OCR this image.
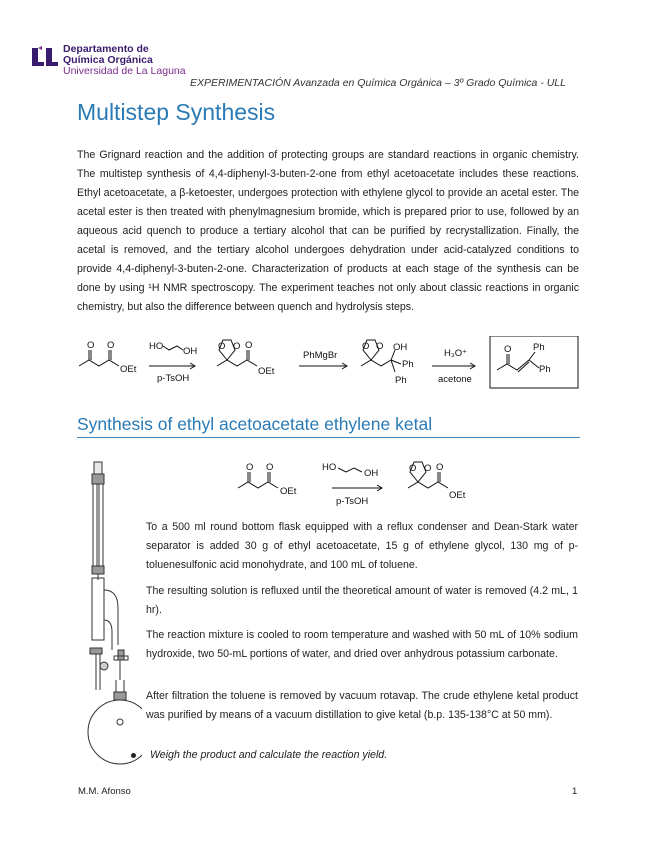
Departamento de
Química Orgánica
Universidad de La Laguna
EXPERIMENTACIÓN Avanzada en Química Orgánica – 3º Grado Química - ULL
Multistep Synthesis
The Grignard reaction and the addition of protecting groups are standard reactions in organic chemistry. The multistep synthesis of 4,4-diphenyl-3-buten-2-one from ethyl acetoacetate includes these reactions. Ethyl acetoacetate, a β-ketoester, undergoes protection with ethylene glycol to provide an acetal ester. The acetal ester is then treated with phenylmagnesium bromide, which is prepared prior to use, followed by an aqueous acid quench to produce a tertiary alcohol that can be purified by recrystallization. Finally, the acetal is removed, and the tertiary alcohol undergoes dehydration under acid-catalyzed conditions to provide 4,4-diphenyl-3-buten-2-one. Characterization of products at each stage of the synthesis can be done by using ¹H NMR spectroscopy. The experiment teaches not only about classic reactions in organic chemistry, but also the difference between quench and hydrolysis steps.
O O
OEt
HO OH
p-TsOH
O O O
OEt
PhMgBr
O O OH
Ph
Ph
H₃O⁺
acetone
O Ph
Ph
Synthesis of ethyl acetoacetate ethylene ketal
O O
OEt
HO
OH
p-TsOH
O O O
OEt
To a 500 ml round bottom flask equipped with a reflux condenser and Dean-Stark water separator is added 30 g of ethyl acetoacetate, 15 g of ethylene glycol, 130 mg of p-toluenesulfonic acid monohydrate, and 100 mL of toluene.
The resulting solution is refluxed until the theoretical amount of water is removed (4.2 mL, 1 hr).
The reaction mixture is cooled to room temperature and washed with 50 mL of 10% sodium hydroxide, two 50-mL portions of water, and dried over anhydrous potassium carbonate.
After filtration the toluene is removed by vacuum rotavap. The crude ethylene ketal product was purified by means of a vacuum distillation to give ketal (b.p. 135-138°C at 50 mm).
Weigh the product and calculate the reaction yield.
M.M. Afonso	1
